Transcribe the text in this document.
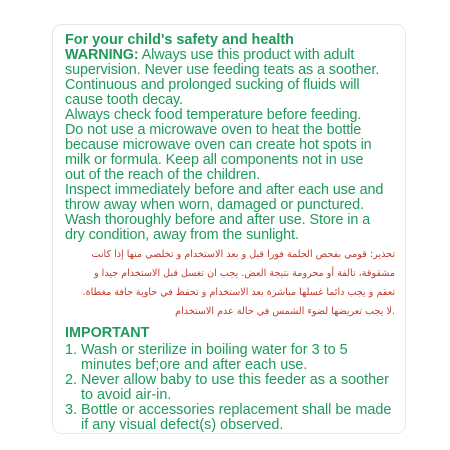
For your child's safety and health
WARNING: Always use this product with adult
supervision. Never use feeding teats as a soother.
Continuous and prolonged sucking of fluids will
cause tooth decay.
Always check food temperature before feeding.
Do not use a microwave oven to heat the bottle
because microwave oven can create hot spots in
milk or formula. Keep all components not in use
out of the reach of the children.
Inspect immediately before and after each use and
throw away when worn, damaged or punctured.
Wash thoroughly before and after use. Store in a
dry condition, away from the sunlight.
تحذير: قومي بفحص الحلمة فورا قبل و بعد الاستخدام و تخلصي منها إذا كانت
مشقوقة، تالفة أو محرومة نتيجة العض. يجب ان تغسل قبل الاستخدام جيدا و
تعقم و يجب دائما غسلها مباشرة بعد الاستخدام و تحفظ في حاوية جافة مغطاة.
.لا يجب تعريضها لضوء الشمس في حالة عدم الاستخدام
IMPORTANT
1. Wash or sterilize in boiling water for 3 to 5
minutes bef;ore and after each use.
2. Never allow baby to use this feeder as a soother
to avoid air-in.
3. Bottle or accessories replacement shall be made
if any visual defect(s) observed.
